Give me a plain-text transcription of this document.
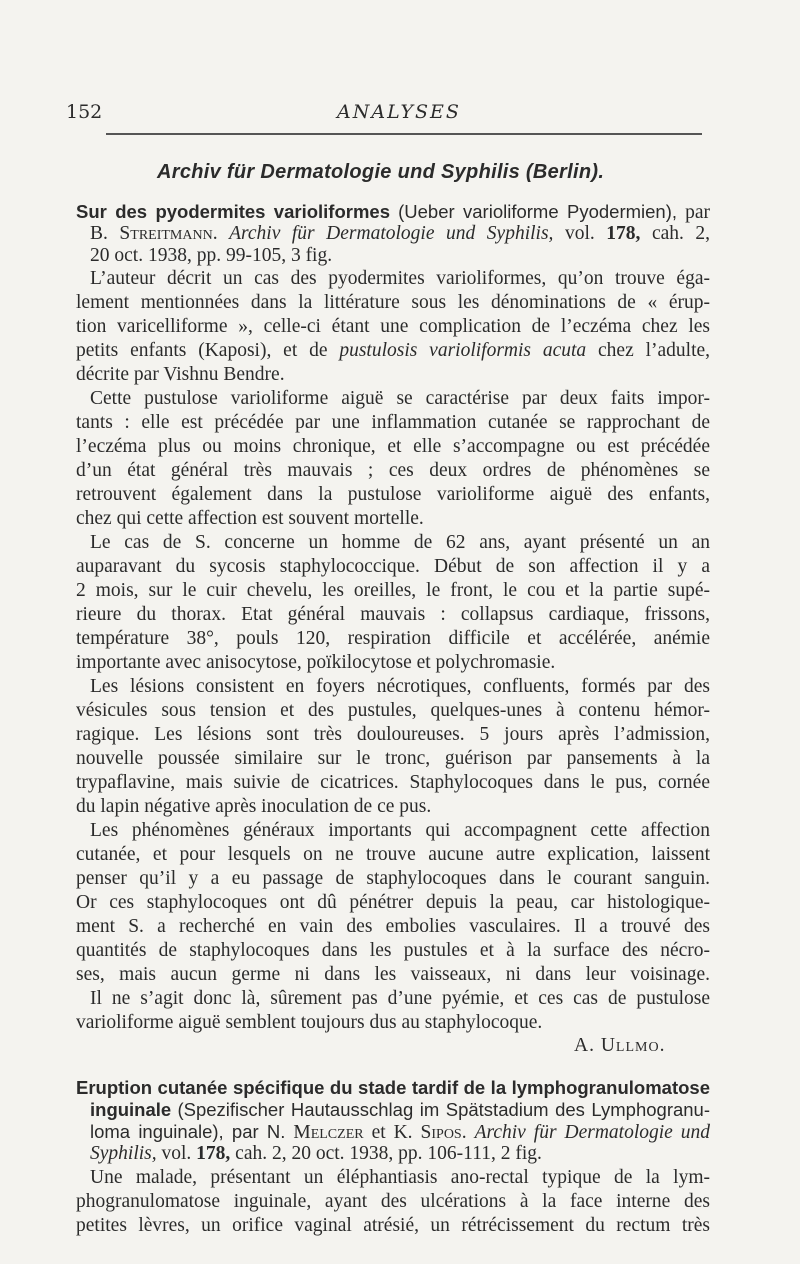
152	ANALYSES
Archiv für Dermatologie und Syphilis (Berlin).
Sur des pyodermites varioliformes (Ueber varioliforme Pyodermien), par
B. Streitmann. Archiv für Dermatologie und Syphilis, vol. 178, cah. 2,
20 oct. 1938, pp. 99-105, 3 fig.
L’auteur décrit un cas des pyodermites varioliformes, qu’on trouve éga-
lement mentionnées dans la littérature sous les dénominations de « érup-
tion varicelliforme », celle-ci étant une complication de l’eczéma chez les
petits enfants (Kaposi), et de pustulosis varioliformis acuta chez l’adulte,
décrite par Vishnu Bendre.
Cette pustulose varioliforme aiguë se caractérise par deux faits impor-
tants : elle est précédée par une inflammation cutanée se rapprochant de
l’eczéma plus ou moins chronique, et elle s’accompagne ou est précédée
d’un état général très mauvais ; ces deux ordres de phénomènes se
retrouvent également dans la pustulose varioliforme aiguë des enfants,
chez qui cette affection est souvent mortelle.
Le cas de S. concerne un homme de 62 ans, ayant présenté un an
auparavant du sycosis staphylococcique. Début de son affection il y a
2 mois, sur le cuir chevelu, les oreilles, le front, le cou et la partie supé-
rieure du thorax. Etat général mauvais : collapsus cardiaque, frissons,
température 38°, pouls 120, respiration difficile et accélérée, anémie
importante avec anisocytose, poïkilocytose et polychromasie.
Les lésions consistent en foyers nécrotiques, confluents, formés par des
vésicules sous tension et des pustules, quelques-unes à contenu hémor-
ragique. Les lésions sont très douloureuses. 5 jours après l’admission,
nouvelle poussée similaire sur le tronc, guérison par pansements à la
trypaflavine, mais suivie de cicatrices. Staphylocoques dans le pus, cornée
du lapin négative après inoculation de ce pus.
Les phénomènes généraux importants qui accompagnent cette affection
cutanée, et pour lesquels on ne trouve aucune autre explication, laissent
penser qu’il y a eu passage de staphylocoques dans le courant sanguin.
Or ces staphylocoques ont dû pénétrer depuis la peau, car histologique-
ment S. a recherché en vain des embolies vasculaires. Il a trouvé des
quantités de staphylocoques dans les pustules et à la surface des nécro-
ses, mais aucun germe ni dans les vaisseaux, ni dans leur voisinage.
Il ne s’agit donc là, sûrement pas d’une pyémie, et ces cas de pustulose
varioliforme aiguë semblent toujours dus au staphylocoque.
A. Ullmo.
Eruption cutanée spécifique du stade tardif de la lymphogranulomatose
inguinale (Spezifischer Hautausschlag im Spätstadium des Lymphogranu-
loma inguinale), par N. Melczer et K. Sipos. Archiv für Dermatologie und
Syphilis, vol. 178, cah. 2, 20 oct. 1938, pp. 106-111, 2 fig.
Une malade, présentant un éléphantiasis ano-rectal typique de la lym-
phogranulomatose inguinale, ayant des ulcérations à la face interne des
petites lèvres, un orifice vaginal atrésié, un rétrécissement du rectum très
